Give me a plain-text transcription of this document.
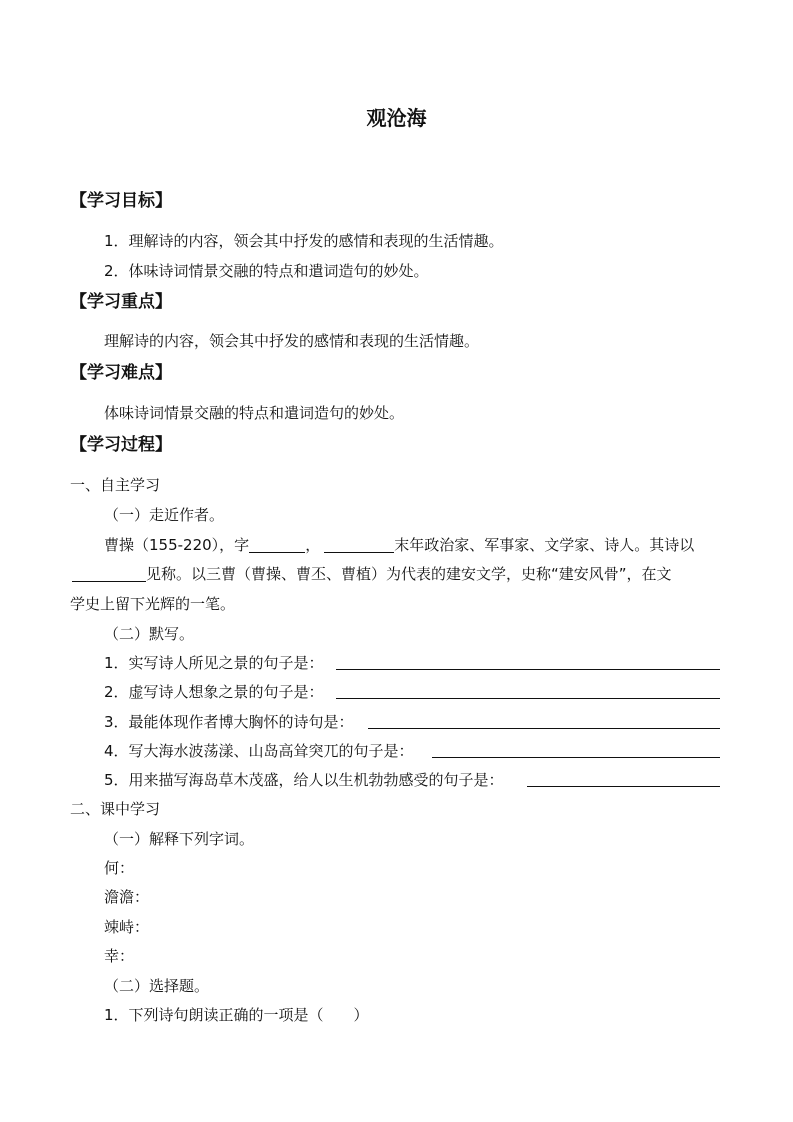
观沧海
【学习目标】
1．理解诗的内容，领会其中抒发的感情和表现的生活情趣。
2．体味诗词情景交融的特点和遣词造句的妙处。
【学习重点】
理解诗的内容，领会其中抒发的感情和表现的生活情趣。
【学习难点】
体味诗词情景交融的特点和遣词造句的妙处。
【学习过程】
一、自主学习
（一）走近作者。
曹操（155-220），字	，	末年政治家、军事家、文学家、诗人。其诗以
见称。以三曹（曹操、曹丕、曹植）为代表的建安文学，史称“建安风骨”，在文
学史上留下光辉的一笔。
（二）默写。
1．实写诗人所见之景的句子是：
2．虚写诗人想象之景的句子是：
3．最能体现作者博大胸怀的诗句是：
4．写大海水波荡漾、山岛高耸突兀的句子是：
5．用来描写海岛草木茂盛，给人以生机勃勃感受的句子是：
二、课中学习
（一）解释下列字词。
何：
澹澹：
竦峙：
幸：
（二）选择题。
1．下列诗句朗读正确的一项是（　　）
